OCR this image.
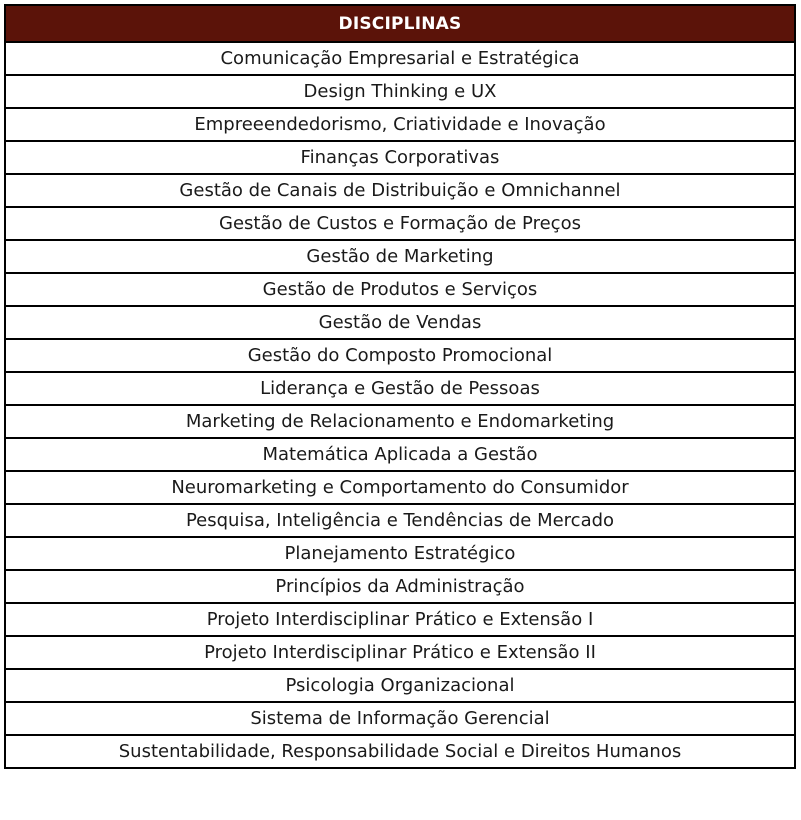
DISCIPLINAS
Comunicação Empresarial e Estratégica
Design Thinking e UX
Empreeendedorismo, Criatividade e Inovação
Finanças Corporativas
Gestão de Canais de Distribuição e Omnichannel
Gestão de Custos e Formação de Preços
Gestão de Marketing
Gestão de Produtos e Serviços
Gestão de Vendas
Gestão do Composto Promocional
Liderança e Gestão de Pessoas
Marketing de Relacionamento e Endomarketing
Matemática Aplicada a Gestão
Neuromarketing e Comportamento do Consumidor
Pesquisa, Inteligência e Tendências de Mercado
Planejamento Estratégico
Princípios da Administração
Projeto Interdisciplinar Prático e Extensão I
Projeto Interdisciplinar Prático e Extensão II
Psicologia Organizacional
Sistema de Informação Gerencial
Sustentabilidade, Responsabilidade Social e Direitos Humanos
